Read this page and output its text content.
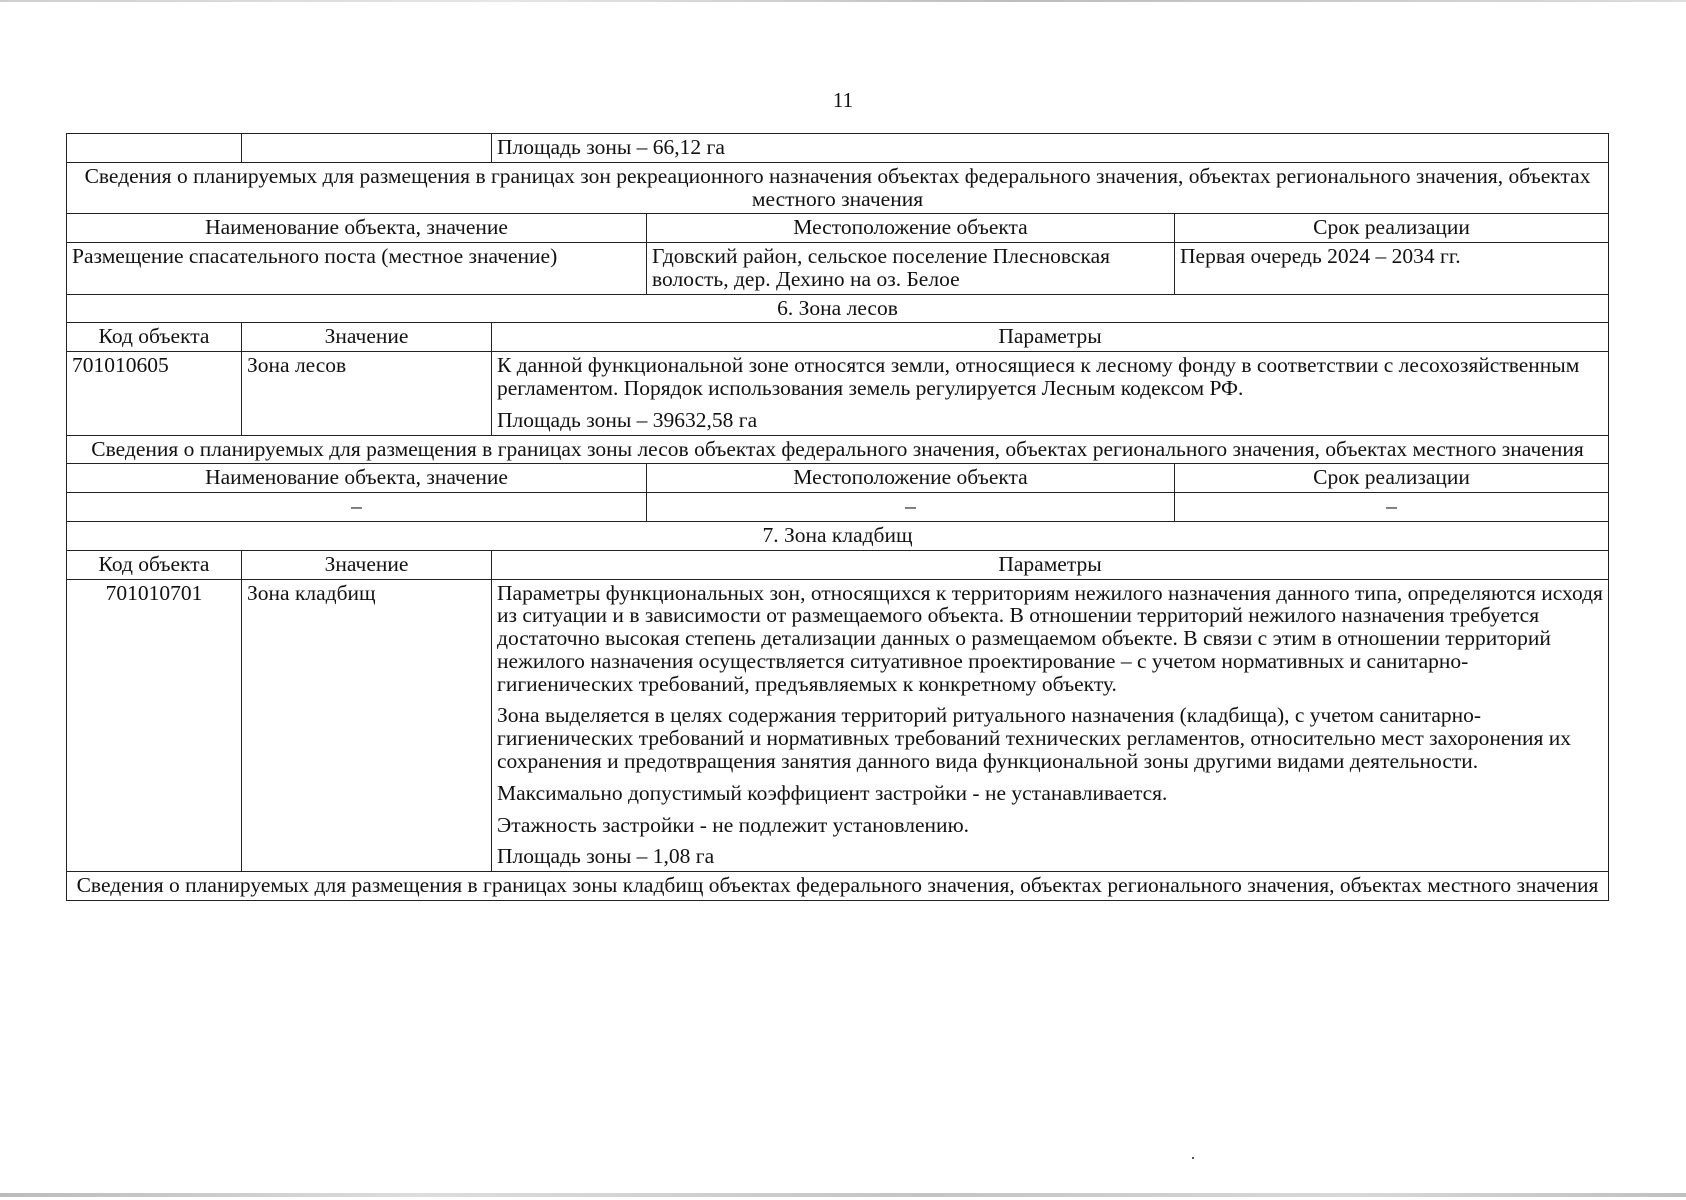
11
		Площадь зоны – 66,12 га		
Сведения о планируемых для размещения в границах зон рекреационного назначения объектах федерального значения, объектах регионального значения, объектах местного значения				
Наименование объекта, значение			Местоположение объекта	Срок реализации
Размещение спасательного поста (местное значение)			Гдовский район, сельское поселение Плесновская волость, дер. Дехино на оз. Белое	Первая очередь 2024 – 2034 гг.
6. Зона лесов				
Код объекта	Значение	Параметры		
701010605	Зона лесов	К данной функциональной зоне относятся земли, относящиеся к лесному фонду в соответствии с лесохозяйственным регламентом. Порядок использования земель регулируется Лесным кодексом РФ.

Площадь зоны – 39632,58 га		

Сведения о планируемых для размещения в границах зоны лесов объектах федерального значения, объектах регионального значения, объектах местного значения				
Наименование объекта, значение			Местоположение объекта	Срок реализации
–			–	–
7. Зона кладбищ				
Код объекта	Значение	Параметры		
701010701	Зона кладбищ	Параметры функциональных зон, относящихся к территориям нежилого назначения данного типа, определяются исходя из ситуации и в зависимости от размещаемого объекта. В отношении территорий нежилого назначения требуется достаточно высокая степень детализации данных о размещаемом объекте. В связи с этим в отношении территорий нежилого назначения осуществляется ситуативное проектирование – с учетом нормативных и санитарно-гигиенических требований, предъявляемых к конкретному объекту.

Зона выделяется в целях содержания территорий ритуального назначения (кладбища), с учетом санитарно-гигиенических требований и нормативных требований технических регламентов, относительно мест захоронения их сохранения и предотвращения занятия данного вида функциональной зоны другими видами деятельности.

Максимально допустимый коэффициент застройки - не устанавливается.

Этажность застройки - не подлежит установлению.

Площадь зоны – 1,08 га		

Сведения о планируемых для размещения в границах зоны кладбищ объектах федерального значения, объектах регионального значения, объектах местного значения				
